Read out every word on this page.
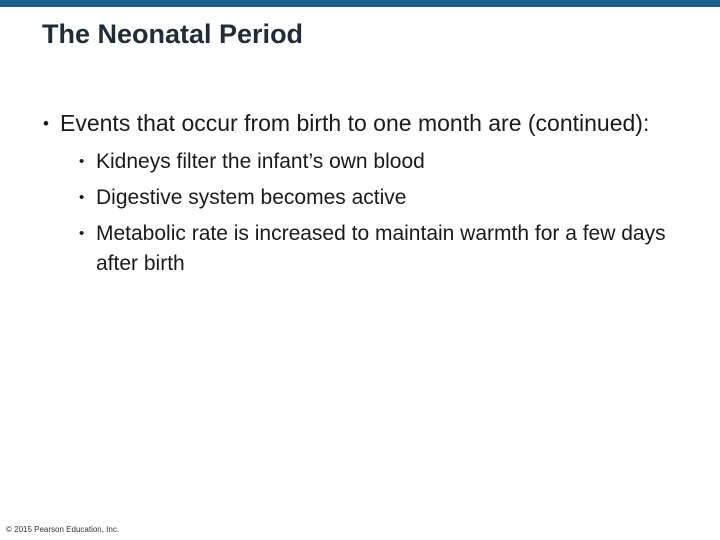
The Neonatal Period
• Events that occur from birth to one month are (continued):
• Kidneys filter the infant’s own blood
• Digestive system becomes active
• Metabolic rate is increased to maintain warmth for a few days after birth
© 2015 Pearson Education, Inc.
